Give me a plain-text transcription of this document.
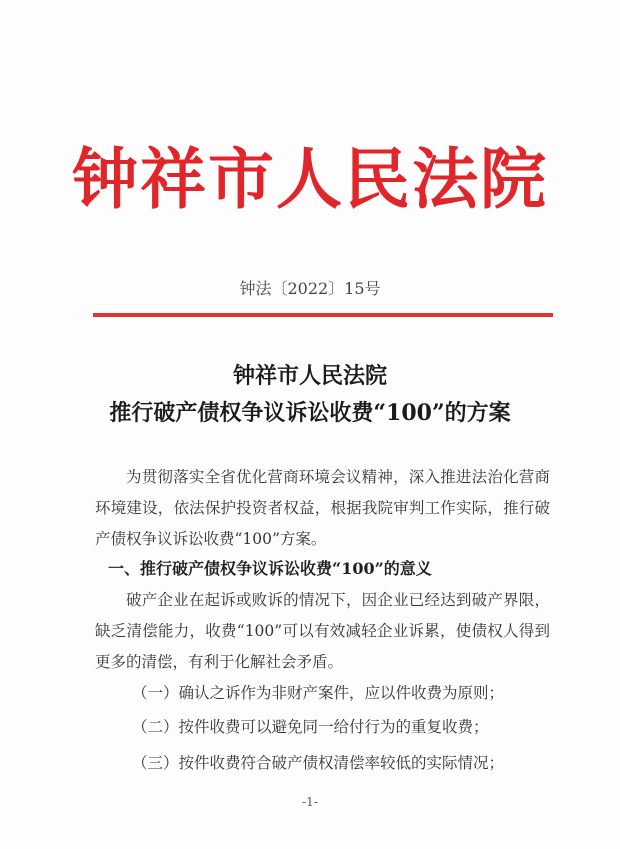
钟祥市人民法院
钟法〔2022〕15号
钟祥市人民法院
推行破产债权争议诉讼收费“100”的方案

为贯彻落实全省优化营商环境会议精神，深入推进法治化营商环境建设，依法保护投资者权益，根据我院审判工作实际，推行破产债权争议诉讼收费“100”方案。

一、推行破产债权争议诉讼收费“100”的意义

破产企业在起诉或败诉的情况下，因企业已经达到破产界限，缺乏清偿能力，收费“100”可以有效减轻企业诉累，使债权人得到更多的清偿，有利于化解社会矛盾。

（一）确认之诉作为非财产案件，应以件收费为原则；
（二）按件收费可以避免同一给付行为的重复收费；
（三）按件收费符合破产债权清偿率较低的实际情况；
-1-
